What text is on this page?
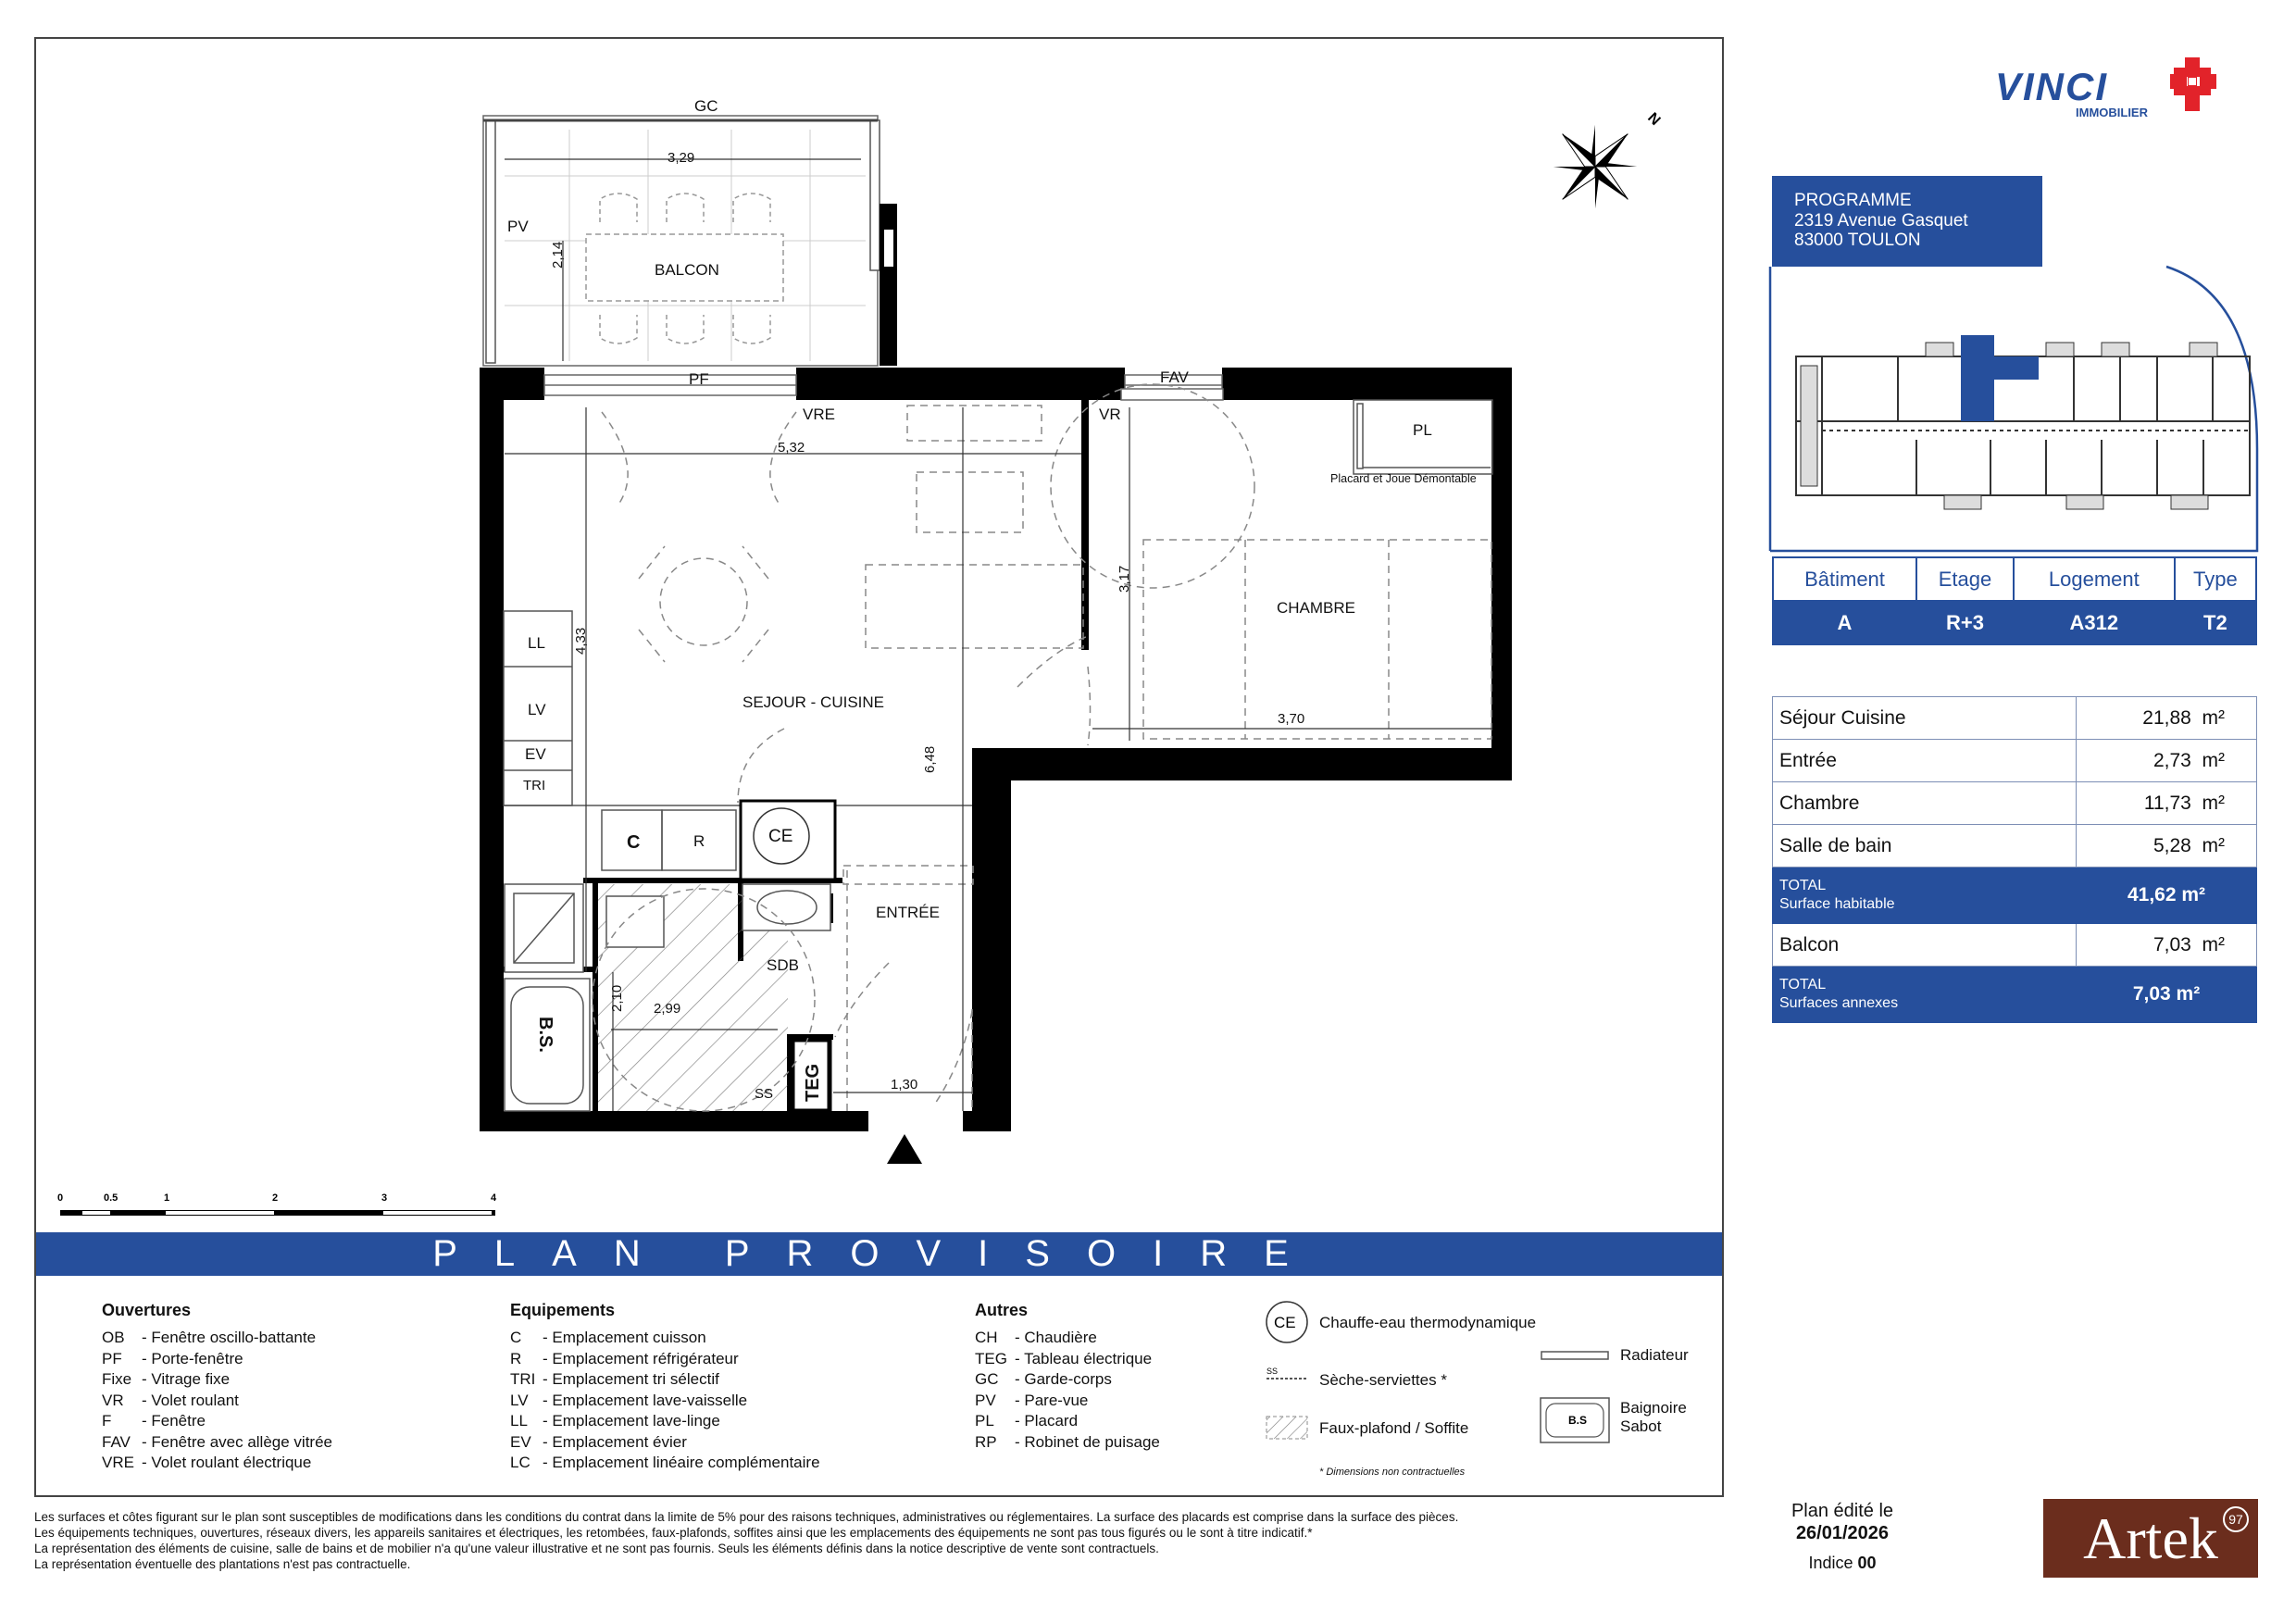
N
GC
PV
BALCON
PF	FAV
VRE	VR
PL
Placard et Joue Démontable
CHAMBRE
SEJOUR - CUISINE
ENTRÉE
SDB
LL
LV
EV
TRI
C	R	CE
B.S.
TEG
SS
3,29
2,14
5,32
4,33
3,17
3,70
6,48
2,10 2,99
1,30
0	0.5	1	2	3	4
PLAN PROVISOIRE
Ouvertures
OB - Fenêtre oscillo-battante
PF - Porte-fenêtre
Fixe - Vitrage fixe
VR - Volet roulant
F - Fenêtre
FAV - Fenêtre avec allège vitrée
VRE - Volet roulant électrique
Equipements
C - Emplacement cuisson
R - Emplacement réfrigérateur
TRI - Emplacement tri sélectif
LV - Emplacement lave-vaisselle
LL - Emplacement lave-linge
EV - Emplacement évier
LC - Emplacement linéaire complémentaire
Autres
CH - Chaudière
TEG - Tableau électrique
GC - Garde-corps
PV - Pare-vue
PL - Placard
RP - Robinet de puisage
CE
SS
B.S
Chauffe-eau thermodynamique
Sèche-serviettes *
Faux-plafond / Soffite
* Dimensions non contractuelles
Radiateur
Baignoire
Sabot
Les surfaces et côtes figurant sur le plan sont susceptibles de modifications dans les conditions du contrat dans la limite de 5% pour des raisons techniques, administratives ou réglementaires. La surface des placards est comprise dans la surface des pièces.
Les équipements techniques, ouvertures, réseaux divers, les appareils sanitaires et électriques, les retombées, faux-plafonds, soffites ainsi que les emplacements des équipements ne sont pas tous figurés ou le sont à titre indicatif.*
La représentation des éléments de cuisine, salle de bains et de mobilier n'a qu'une valeur illustrative et ne sont pas fournis. Seuls les éléments définis dans la notice descriptive de vente sont contractuels.
La représentation éventuelle des plantations n'est pas contractuelle.
VINCI
IMMOBILIER
PROGRAMME
2319 Avenue Gasquet
83000 TOULON
Bâtiment	Etage	Logement	Type
A	R+3	A312	T2
Séjour Cuisine	21,88 m²
Entrée	2,73 m²
Chambre	11,73 m²
Salle de bain	5,28 m²

TOTAL
Surface habitable	41,62 m²
Balcon	7,03 m²

TOTAL
Surfaces annexes	7,03 m²
Plan édité le
26/01/2026
Indice 00	Artek 97
